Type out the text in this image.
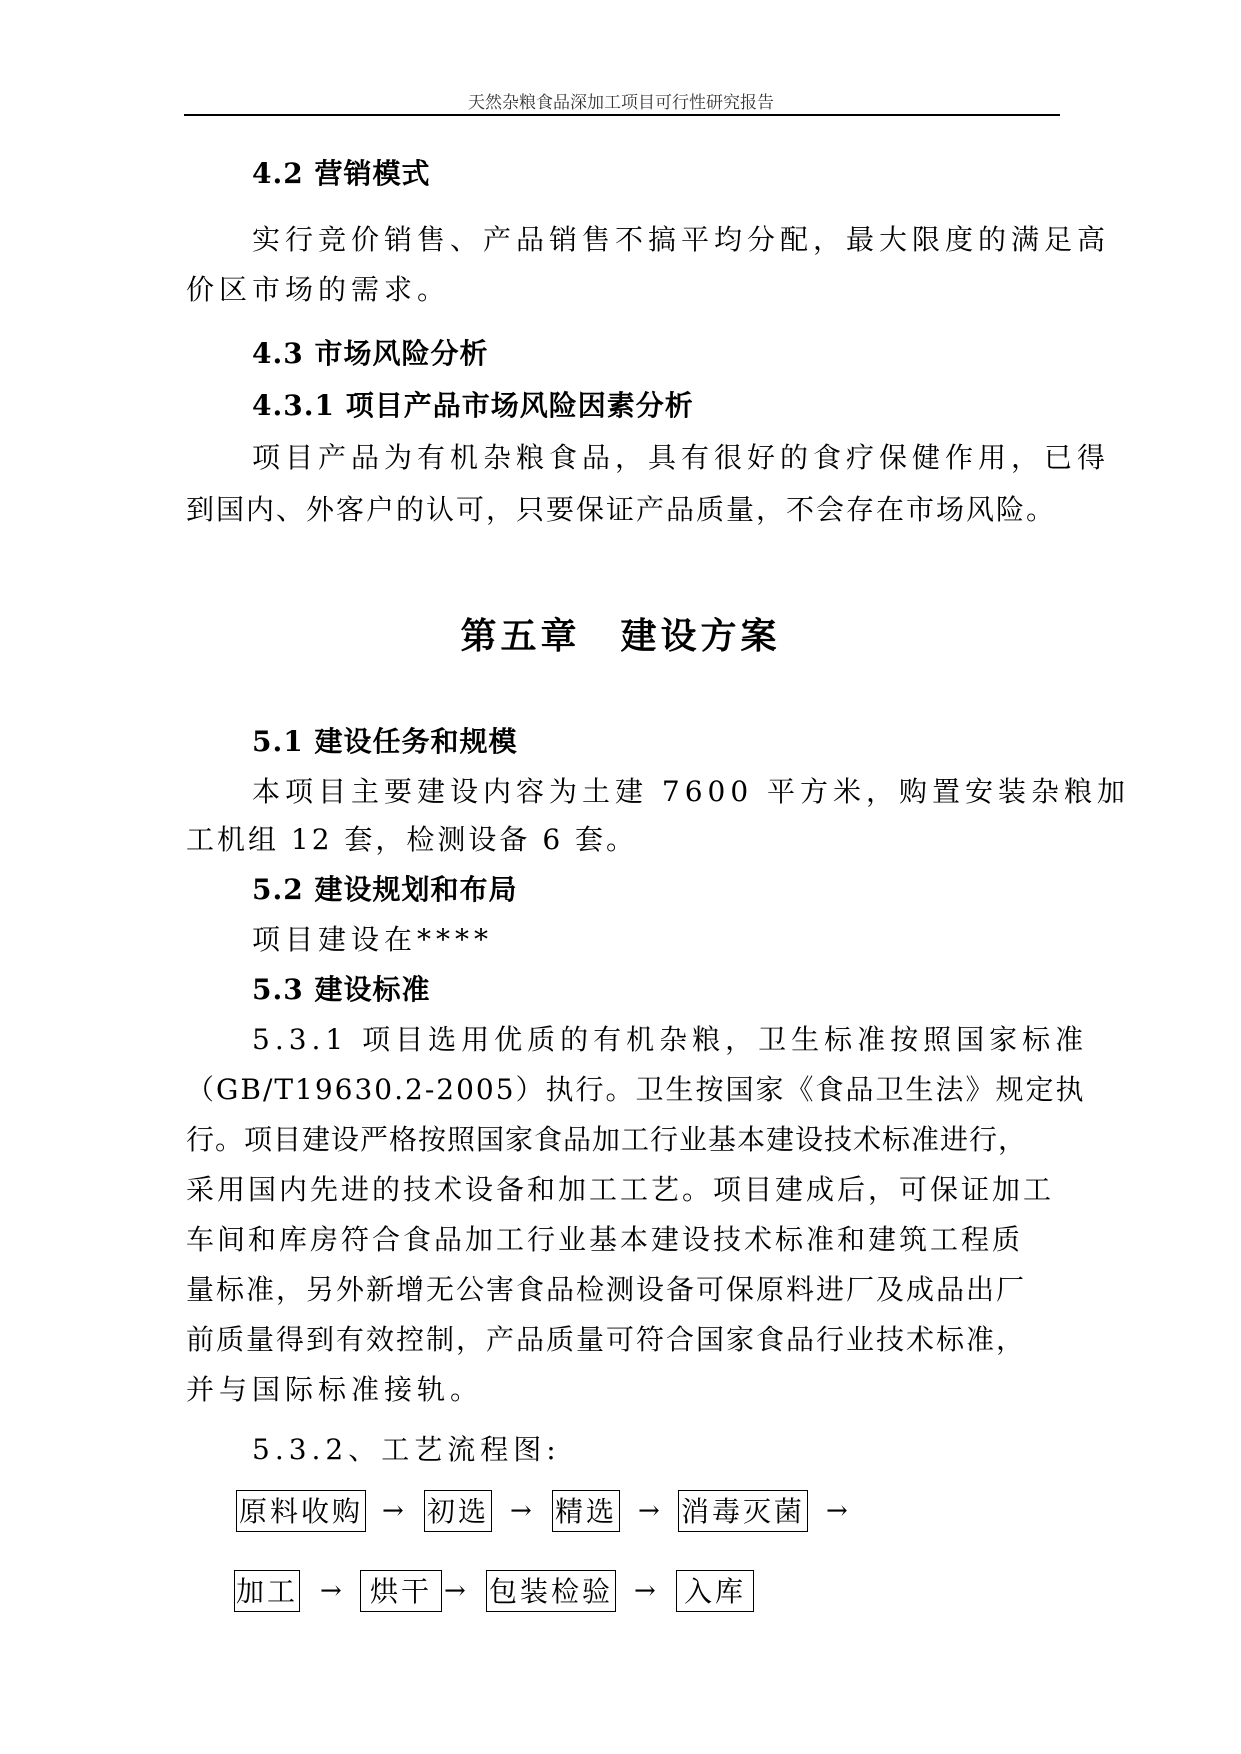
天然杂粮食品深加工项目可行性研究报告
4.2 营销模式
实行竞价销售、产品销售不搞平均分配，最大限度的满足高
价区市场的需求。
4.3 市场风险分析
4.3.1 项目产品市场风险因素分析
项目产品为有机杂粮食品，具有很好的食疗保健作用，已得
到国内、外客户的认可，只要保证产品质量，不会存在市场风险。
第五章　建设方案
5.1 建设任务和规模
本项目主要建设内容为土建 7600 平方米，购置安装杂粮加
工机组 12 套，检测设备 6 套。
5.2 建设规划和布局
项目建设在****
5.3 建设标准
5.3.1 项目选用优质的有机杂粮，卫生标准按照国家标准
（GB/T19630.2-2005）执行。卫生按国家《食品卫生法》规定执
行。项目建设严格按照国家食品加工行业基本建设技术标准进行，
采用国内先进的技术设备和加工工艺。项目建成后，可保证加工
车间和库房符合食品加工行业基本建设技术标准和建筑工程质
量标准，另外新增无公害食品检测设备可保原料进厂及成品出厂
前质量得到有效控制，产品质量可符合国家食品行业技术标准，
并与国际标准接轨。
5.3.2、工艺流程图:
原料收购 → 初选 → 精选 → 消毒灭菌 →
加工 →	烘干 → 包装检验 → 入库
